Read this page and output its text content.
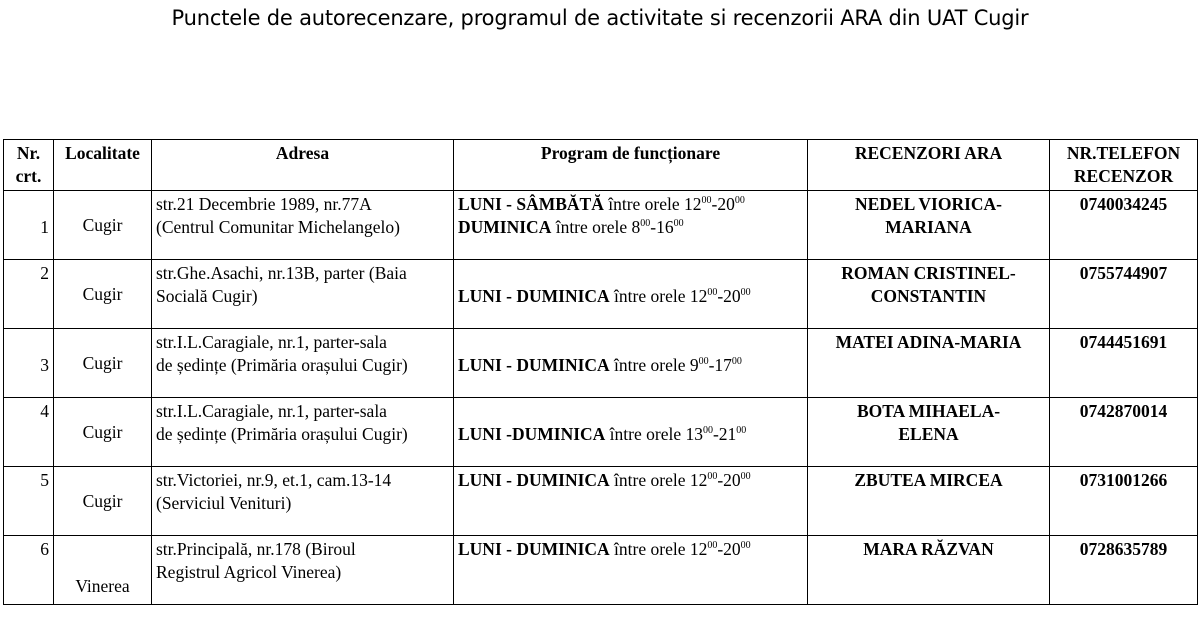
Punctele de autorecenzare, programul de activitate si recenzorii ARA din UAT Cugir
Nr.
crt.	Localitate	Adresa	Program de funcționare	RECENZORI ARA	NR.TELEFON
RECENZOR
1	Cugir	str.21 Decembrie 1989, nr.77A
(Centrul Comunitar Michelangelo)	LUNI - SÂMBĂTĂ între orele $12^{00}-20^{00}$
DUMINICA între orele $8^{00}-16^{00}$	NEDEL VIORICA-
MARIANA	0740034245
2	Cugir	str.Ghe.Asachi, nr.13B, parter (Baia
Socială Cugir)	LUNI - DUMINICA între orele $12^{00}-20^{00}$	ROMAN CRISTINEL-
CONSTANTIN	0755744907
3	Cugir	str.I.L.Caragiale, nr.1, parter-sala
de ședințe (Primăria orașului Cugir)	LUNI - DUMINICA între orele $9^{00}-17^{00}$	MATEI ADINA-MARIA	0744451691
4	Cugir	str.I.L.Caragiale, nr.1, parter-sala
de ședințe (Primăria orașului Cugir)	LUNI -DUMINICA între orele $13^{00}-21^{00}$	BOTA MIHAELA-
ELENA	0742870014
5	Cugir	str.Victoriei, nr.9, et.1, cam.13-14
(Serviciul Venituri)	LUNI - DUMINICA între orele $12^{00}-20^{00}$	ZBUTEA MIRCEA	0731001266
6	Vinerea	str.Principală, nr.178 (Biroul
Registrul Agricol Vinerea)	LUNI - DUMINICA între orele $12^{00}-20^{00}$	MARA RĂZVAN	0728635789
